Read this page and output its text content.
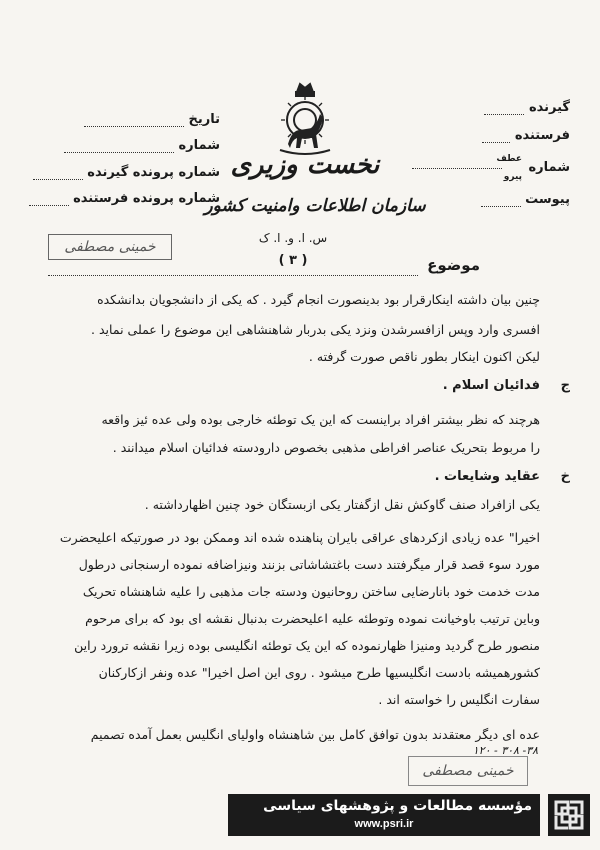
گیرنده
فرستنده
شماره
عطف
پیرو
پیوست
تاریخ
شماره
شماره پرونده گیرنده
شماره پرونده فرستنده
نخست وزیری
سازمان اطلاعات وامنیت کشور
س. ا. و. ا. ک
( ۳ )
خمینی مصطفی
موضوع
چنین بیان داشته اینکارقرار بود بدینصورت انجام گیرد . که یکی از دانشجویان بدانشکده
افسری وارد وپس ازافسرشدن ونزد یکی بدربار شاهنشاهی این موضوع را عملی نماید .
لیکن اکنون اینکار بطور ناقص صورت گرفته .
ج
فدائیان اسلام .
هرچند که نظر بیشتر افراد براینست که این یک توطئه خارجی بوده ولی عده ئیز واقعه
را مربوط بتحریک عناصر افراطی مذهبی بخصوص دارودسته فدائیان اسلام میدانند .
خ
عقاید وشایعات .
یکی ازافراد صنف گاوکش نقل ازگفتار یکی ازبستگان خود چنین اظهارداشته .
اخیرا" عده زیادی ازکردهای عراقی بایران پناهنده شده اند وممکن بود در صورتیکه اعلیحضرت
مورد سوء قصد قرار میگرفتند دست باغتشاشاتی بزنند ونیزاضافه نموده ارسنجانی درطول
مدت خدمت خود بانارضایی ساختن روحانیون ودسته جات مذهبی را علیه شاهنشاه تحریک
وباین ترتیب باوخیانت نموده وتوطئه علیه اعلیحضرت بدنبال نقشه ای بود که برای مرحوم
منصور طرح گردید ومنیزا ظهارنموده که این یک توطئه انگلیسی بوده زیرا نقشه ترورد راین
کشورهمیشه بادست انگلیسیها طرح میشود . روی این اصل اخیرا" عده ونفر ازکارکنان
سفارت انگلیس را خواسته اند .
عده ای دیگر معتقدند بدون توافق کامل بین شاهنشاه واولیای انگلیس بعمل آمده تصمیم
۳۸- ۳۰۸ - ۱۲۰
خمینی مصطفی
مؤسسه مطالعات و پژوهشهای سیاسی
www.psri.ir
